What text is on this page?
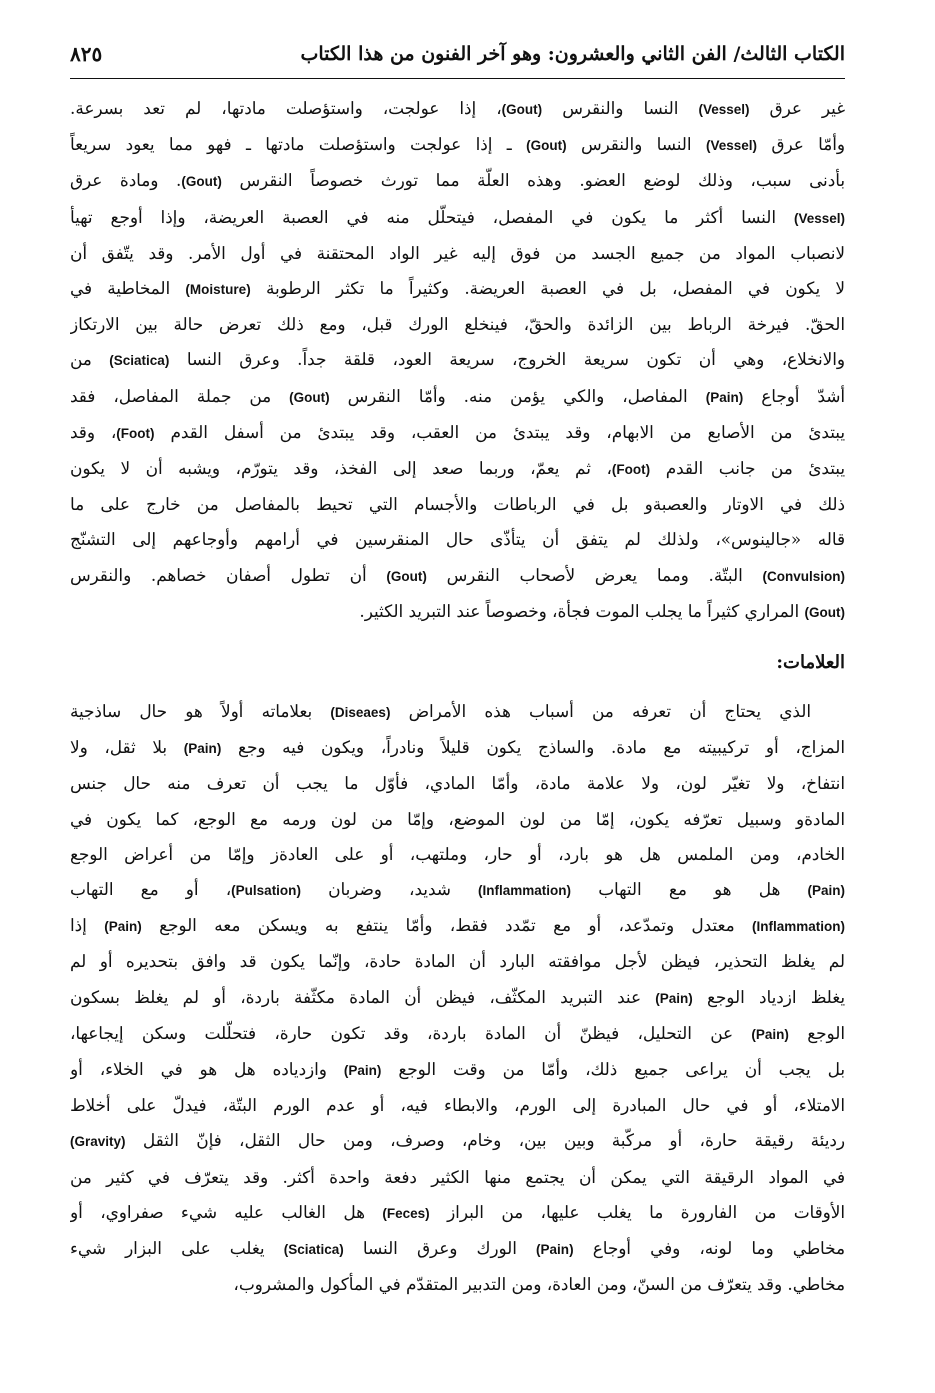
الكتاب الثالث/ الفن الثاني والعشرون: وهو آخر الفنون من هذا الكتاب
٨٢٥

غير عرق (Vessel) النسا والنقرس (Gout)، إذا عولجت، واستؤصلت مادتها، لم تعد بسرعة.
وأمّا عرق (Vessel) النسا والنقرس (Gout) ـ إذا عولجت واستؤصلت مادتها ـ فهو مما يعود سريعاً
بأدنى سبب، وذلك لوضع العضو. وهذه العلّة مما تورث خصوصاً النقرس (Gout). ومادة عرق
(Vessel) النسا أكثر ما يكون في المفصل، فيتحلّل منه في العصبة العريضة، وإذا أوجع تهيأ
لانصباب المواد من جميع الجسد من فوق إليه غير الواد المحتقنة في أول الأمر. وقد يتّفق أن
لا يكون في المفصل، بل في العصبة العريضة. وكثيراً ما تكثر الرطوبة (Moisture) المخاطية في
الحقّ. فيرخة الرباط بين الزائدة والحقّ، فينخلع الورك قبل، ومع ذلك تعرض حالة بين الارتكاز
والانخلاع، وهي أن تكون سريعة الخروج، سريعة العود، قلقة جداً. وعرق النسا (Sciatica) من
أشدّ أوجاع (Pain) المفاصل، والكي يؤمن منه. وأمّا النقرس (Gout) من جملة المفاصل، فقد
يبتدئ من الأصابع من الابهام، وقد يبتدئ من العقب، وقد يبتدئ من أسفل القدم (Foot)، وقد
يبتدئ من جانب القدم (Foot)، ثم يعمّ، وربما صعد إلى الفخذ، وقد يتورّم، ويشبه أن لا يكون
ذلك في الاوتار والعصبةو بل في الرباطات والأجسام التي تحيط بالمفاصل من خارج على ما
قاله «جالينوس»، ولذلك لم يتفق أن يتأذّى حال المنقرسين في أرامهم وأوجاعهم إلى التشنّج
(Convulsion) البتّة. ومما يعرض لأصحاب النقرس (Gout) أن تطول أصفان خصاهم. والنقرس
(Gout) المراري كثيراً ما يجلب الموت فجأة، وخصوصاً عند التبريد الكثير.

العلامات:

الذي يحتاج أن تعرفه من أسباب هذه الأمراض (Diseaes) بعلاماته أولاً هو حال ساذجية
المزاج، أو تركيبيته مع مادة. والساذج يكون قليلاً ونادراً، ويكون فيه وجع (Pain) بلا ثقل، ولا
انتفاخ، ولا تغيّر لون، ولا علامة مادة، وأمّا المادي، فأوّل ما يجب أن تعرف منه حال جنس
المادةو وسبيل تعرّفه يكون، إمّا من لون الموضع، وإمّا من لون ورمه مع الوجع، كما يكون في
الخادم، ومن الملمس هل هو بارد، أو حار، وملتهب، أو على العادةز وإمّا من أعراض الوجع
(Pain) هل هو مع التهاب (Inflammation) شديد، وضربان (Pulsation)، أو مع التهاب
(Inflammation) معتدل وتمدّعد، أو مع تمّدد فقط، وأمّا ينتفع به ويسكن معه الوجع (Pain) إذا
لم يغلظ التحذير، فيظن لأجل موافقته البارد أن المادة حادة، وإنّما يكون قد وافق بتحديره أو لم
يغلظ ازدياد الوجع (Pain) عند التبريد المكثّف، فيظن أن المادة مكثّفة باردة، أو لم يغلظ بسكون
الوجع (Pain) عن التحليل، فيظنّ أن المادة باردة، وقد تكون حارة، فتحلّلت وسكن إيجاعها،
بل يجب أن يراعى جميع ذلك، وأمّا من وقت الوجع (Pain) وازدياده هل هو في الخلاء، أو
الامتلاء، أو في حال المبادرة إلى الورم، والابطاء فيه، أو عدم الورم البتّة، فيدلّ على أخلاط
رديئة رقيقة حارة، أو مركّبة وبين بين، وخام، وصرف، ومن حال الثقل، فإنّ الثقل (Gravity)
في المواد الرقيقة التي يمكن أن يجتمع منها الكثير دفعة واحدة أكثر. وقد يتعرّف في كثير من
الأوقات من الفارورة ما يغلب عليها، من البراز (Feces) هل الغالب عليه شيء صفراوي، أو
مخاطي وما لونه، وفي أوجاع (Pain) الورك وعرق النسا (Sciatica) يغلب على البزار شيء
مخاطي. وقد يتعرّف من السنّ، ومن العادة، ومن التدبير المتقدّم في المأكول والمشروب،
